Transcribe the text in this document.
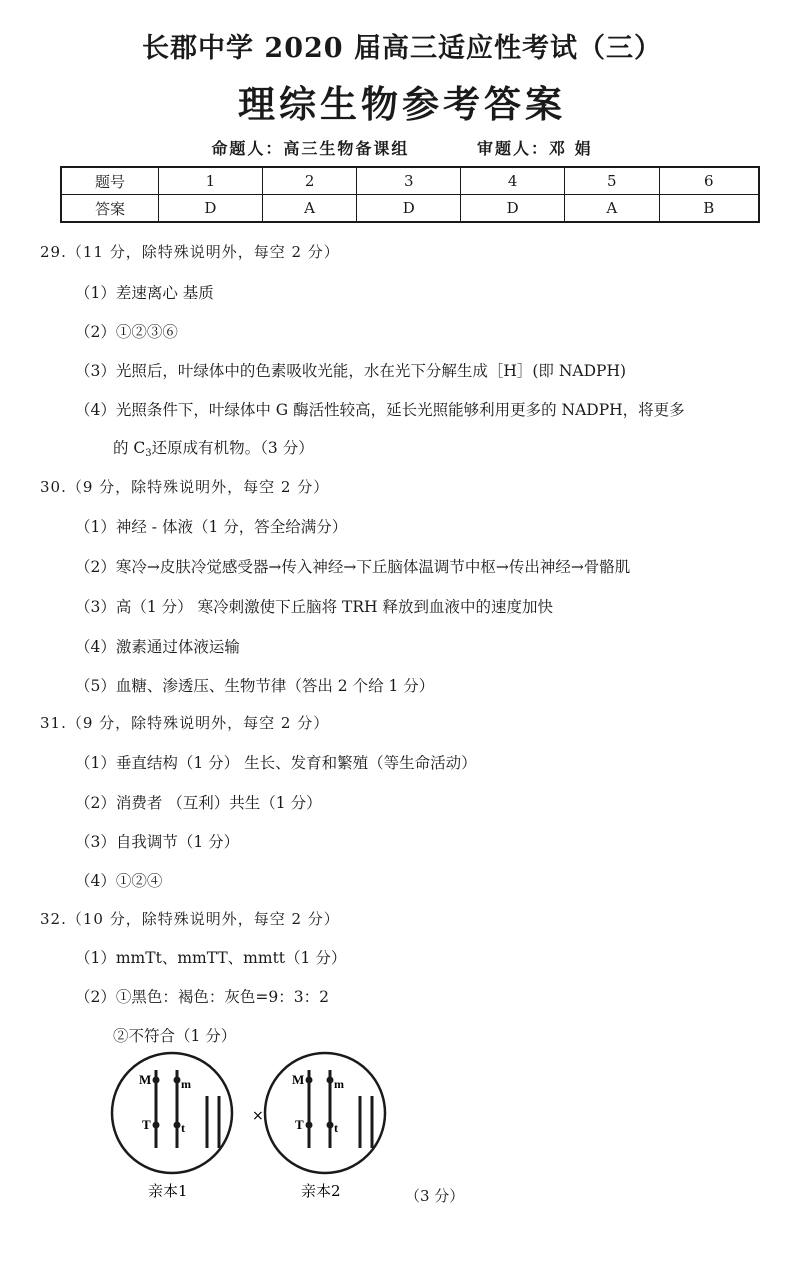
长郡中学 2020 届高三适应性考试（三）
理综生物参考答案
命题人：高三生物备课组	审题人：邓 娟
题号	1	2	3	4	5	6
答案	D	A	D	D	A	B
29.（11 分，除特殊说明外，每空 2 分）
（1）差速离心 基质
（2）①②③⑥
（3）光照后，叶绿体中的色素吸收光能，水在光下分解生成［H］(即 NADPH)
（4）光照条件下，叶绿体中 G 酶活性较高，延长光照能够利用更多的 NADPH，将更多
的 $C_3$还原成有机物。（3 分）
30.（9 分，除特殊说明外，每空 2 分）
（1）神经 - 体液（1 分，答全给满分）
（2）寒冷→皮肤冷觉感受器→传入神经→下丘脑体温调节中枢→传出神经→骨骼肌
（3）高（1 分） 寒冷刺激使下丘脑将 TRH 释放到血液中的速度加快
（4）激素通过体液运输
（5）血糖、渗透压、生物节律（答出 2 个给 1 分）
31.（9 分，除特殊说明外，每空 2 分）
（1）垂直结构（1 分） 生长、发育和繁殖（等生命活动）
（2）消费者 （互利）共生（1 分）
（3）自我调节（1 分）
（4）①②④
32.（10 分，除特殊说明外，每空 2 分）
（1）mmTt、mmTT、mmtt（1 分）
（2）①黑色：褐色：灰色=9：3：2
②不符合（1 分）
M m
T	t
×
M m
T	t
亲本1	亲本2	（3 分）
